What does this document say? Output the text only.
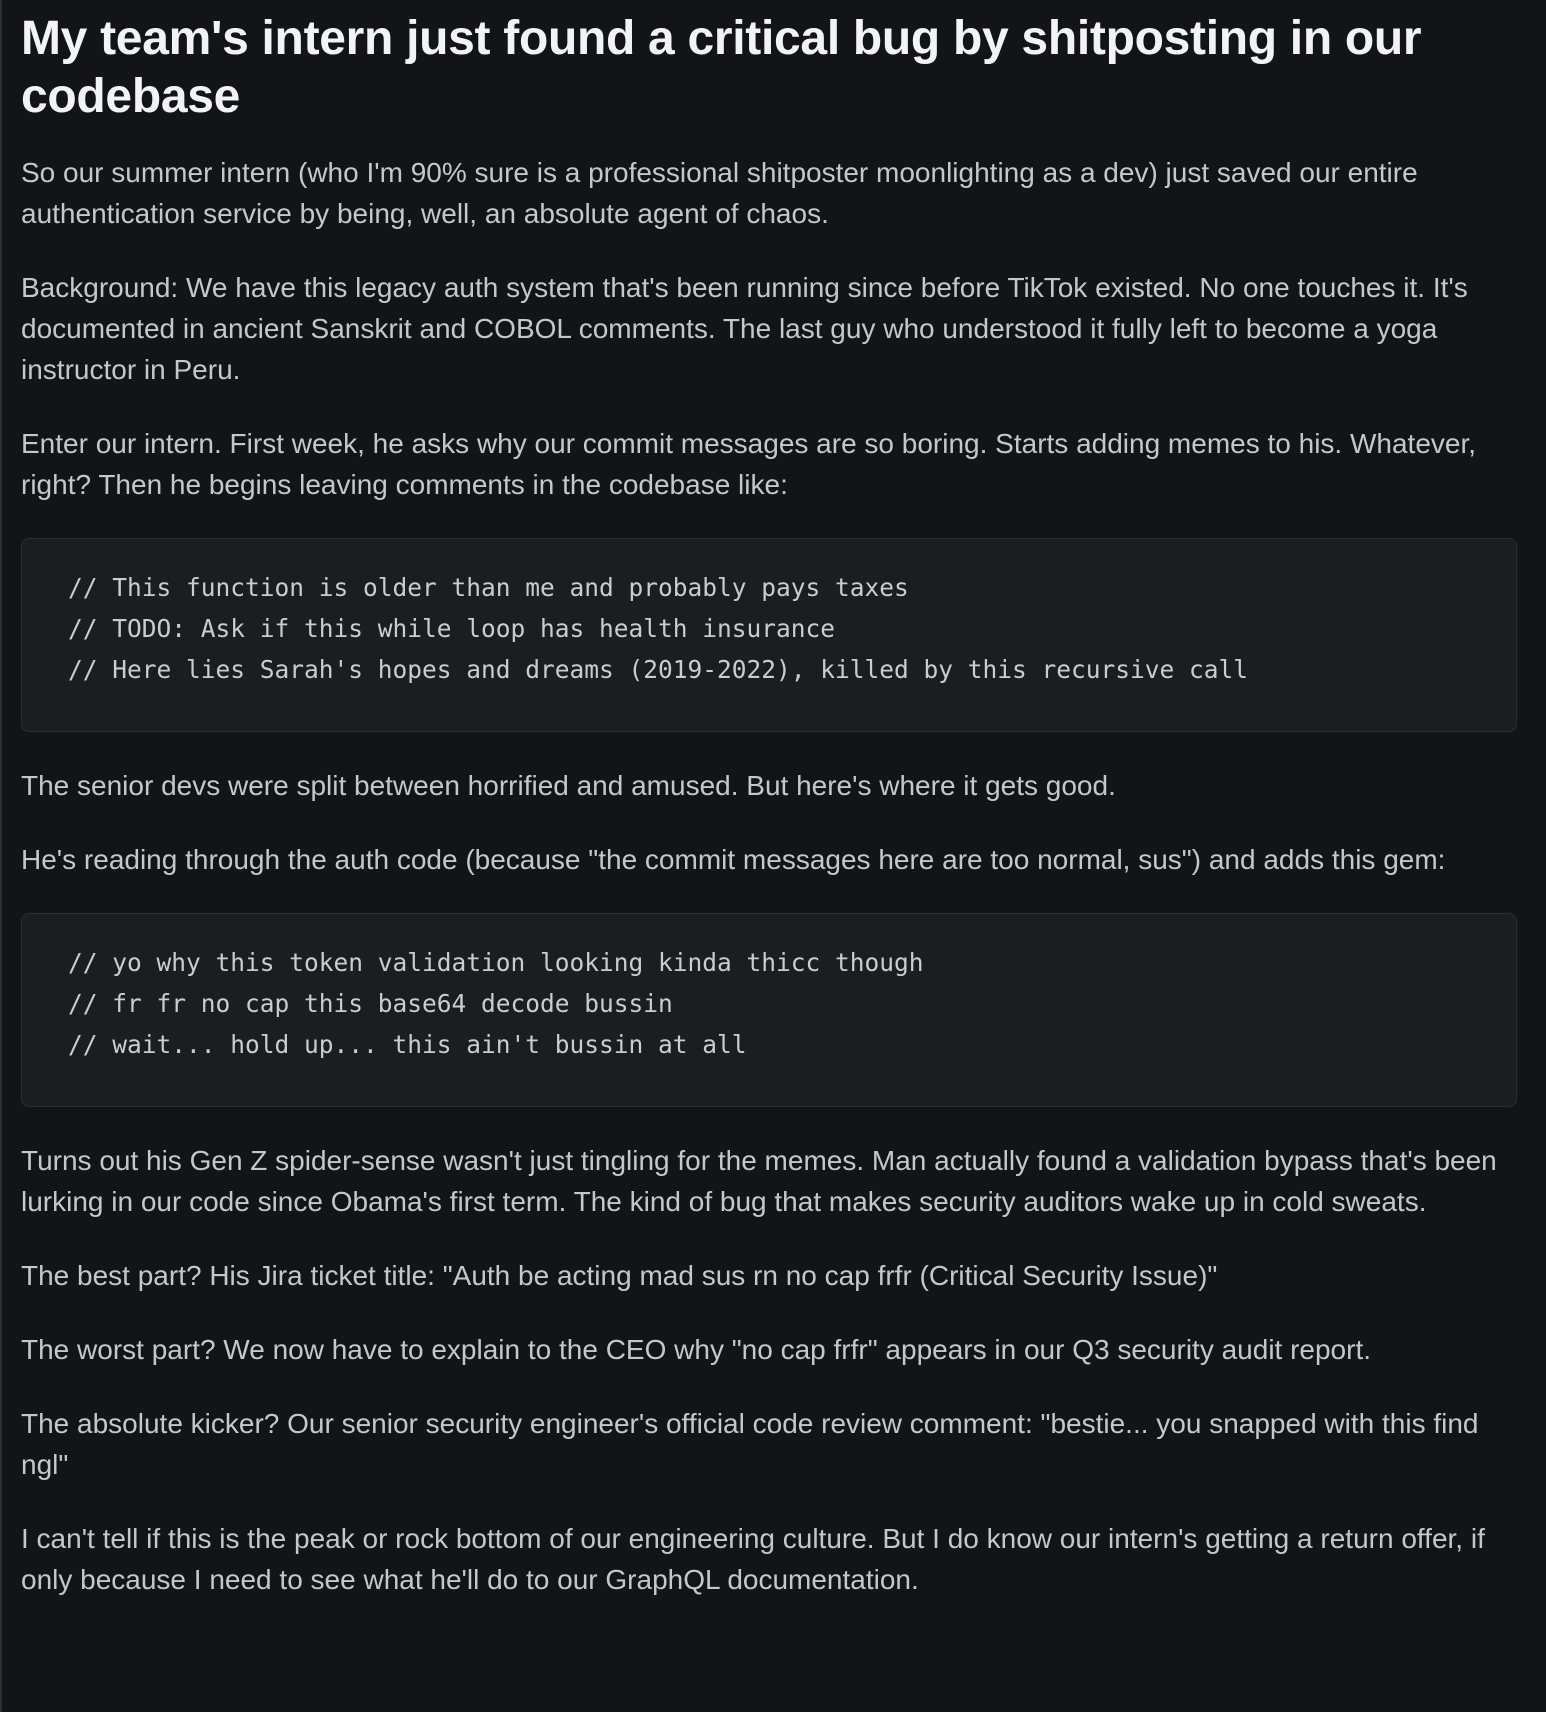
My team's intern just found a critical bug by shitposting in our codebase

So our summer intern (who I'm 90% sure is a professional shitposter moonlighting as a dev) just saved our entire authentication service by being, well, an absolute agent of chaos.

Background: We have this legacy auth system that's been running since before TikTok existed. No one touches it. It's documented in ancient Sanskrit and COBOL comments. The last guy who understood it fully left to become a yoga instructor in Peru.

Enter our intern. First week, he asks why our commit messages are so boring. Starts adding memes to his. Whatever, right? Then he begins leaving comments in the codebase like:

// This function is older than me and probably pays taxes
// TODO: Ask if this while loop has health insurance
// Here lies Sarah's hopes and dreams (2019-2022), killed by this recursive call

The senior devs were split between horrified and amused. But here's where it gets good.

He's reading through the auth code (because "the commit messages here are too normal, sus") and adds this gem:

// yo why this token validation looking kinda thicc though
// fr fr no cap this base64 decode bussin
// wait... hold up... this ain't bussin at all

Turns out his Gen Z spider-sense wasn't just tingling for the memes. Man actually found a validation bypass that's been lurking in our code since Obama's first term. The kind of bug that makes security auditors wake up in cold sweats.

The best part? His Jira ticket title: "Auth be acting mad sus rn no cap frfr (Critical Security Issue)"

The worst part? We now have to explain to the CEO why "no cap frfr" appears in our Q3 security audit report.

The absolute kicker? Our senior security engineer's official code review comment: "bestie... you snapped with this find ngl"

I can't tell if this is the peak or rock bottom of our engineering culture. But I do know our intern's getting a return offer, if only because I need to see what he'll do to our GraphQL documentation.
